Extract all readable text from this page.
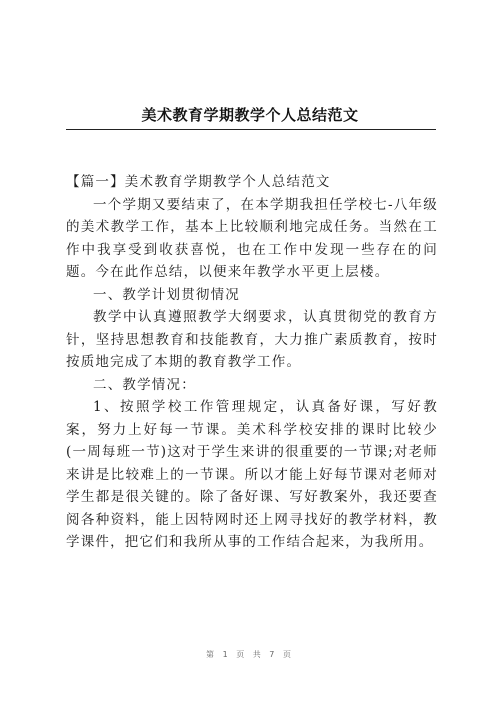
美术教育学期教学个人总结范文

【篇一】美术教育学期教学个人总结范文

一个学期又要结束了，在本学期我担任学校七-八年级的美术教学工作，基本上比较顺利地完成任务。当然在工作中我享受到收获喜悦，也在工作中发现一些存在的问题。今在此作总结，以便来年教学水平更上层楼。

一、教学计划贯彻情况

教学中认真遵照教学大纲要求，认真贯彻党的教育方针，坚持思想教育和技能教育，大力推广素质教育，按时按质地完成了本期的教育教学工作。

二、教学情况：

1、按照学校工作管理规定，认真备好课，写好教案，努力上好每一节课。美术科学校安排的课时比较少(一周每班一节)这对于学生来讲的很重要的一节课;对老师来讲是比较难上的一节课。所以才能上好每节课对老师对学生都是很关键的。除了备好课、写好教案外，我还要查阅各种资料，能上因特网时还上网寻找好的教学材料，教学课件，把它们和我所从事的工作结合起来，为我所用。

第 1 页 共 7 页
